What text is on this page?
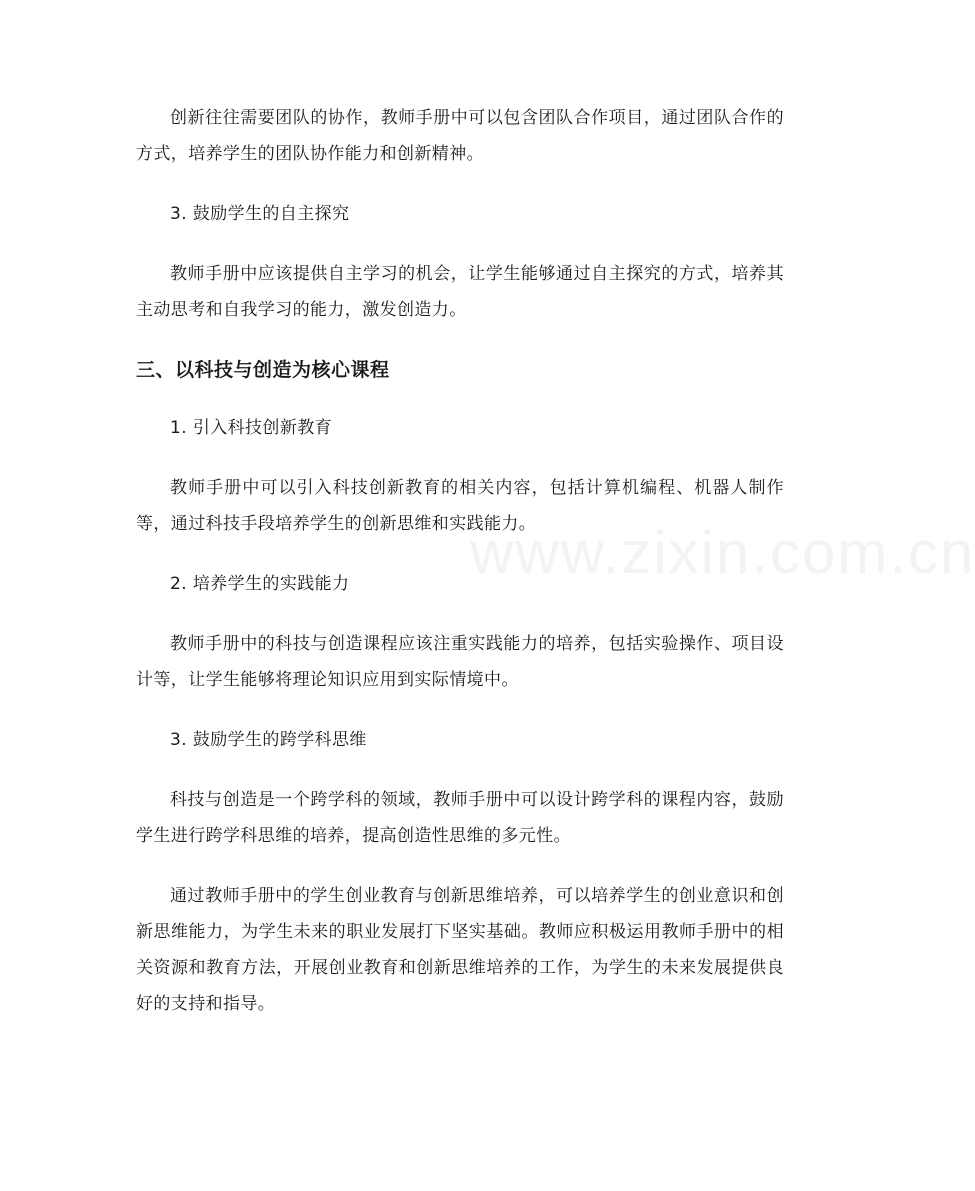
www.zixin.com.cn

创新往往需要团队的协作，教师手册中可以包含团队合作项目，通过团队合作的方式，培养学生的团队协作能力和创新精神。

3. 鼓励学生的自主探究

教师手册中应该提供自主学习的机会，让学生能够通过自主探究的方式，培养其主动思考和自我学习的能力，激发创造力。

三、以科技与创造为核心课程

1. 引入科技创新教育

教师手册中可以引入科技创新教育的相关内容，包括计算机编程、机器人制作等，通过科技手段培养学生的创新思维和实践能力。

2. 培养学生的实践能力

教师手册中的科技与创造课程应该注重实践能力的培养，包括实验操作、项目设计等，让学生能够将理论知识应用到实际情境中。

3. 鼓励学生的跨学科思维

科技与创造是一个跨学科的领域，教师手册中可以设计跨学科的课程内容，鼓励学生进行跨学科思维的培养，提高创造性思维的多元性。

通过教师手册中的学生创业教育与创新思维培养，可以培养学生的创业意识和创新思维能力，为学生未来的职业发展打下坚实基础。教师应积极运用教师手册中的相关资源和教育方法，开展创业教育和创新思维培养的工作，为学生的未来发展提供良好的支持和指导。
